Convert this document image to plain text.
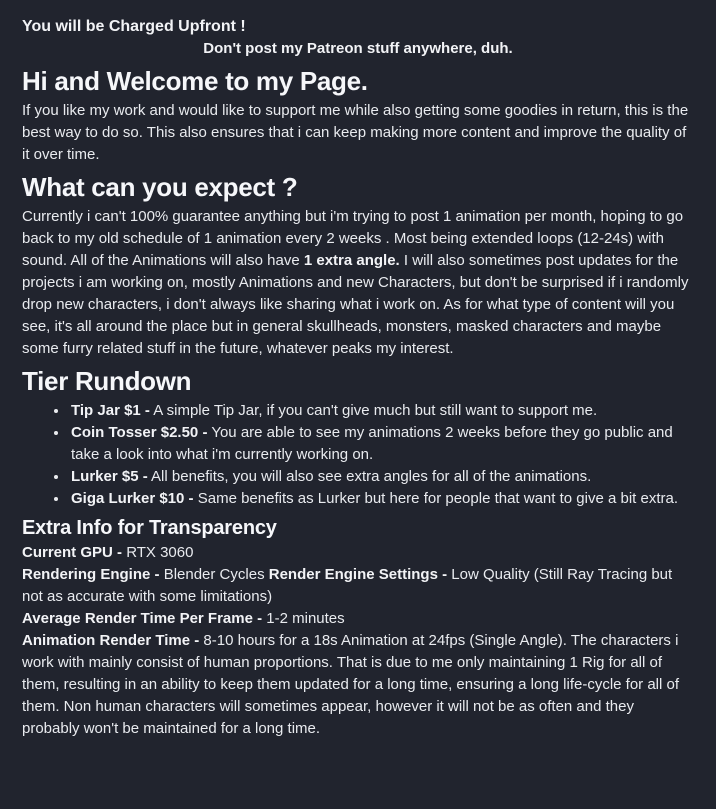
You will be Charged Upfront !

Don't post my Patreon stuff anywhere, duh.

Hi and Welcome to my Page.

If you like my work and would like to support me while also getting some goodies in return, this is the best way to do so. This also ensures that i can keep making more content and improve the quality of it over time.

What can you expect ?

Currently i can't 100% guarantee anything but i'm trying to post 1 animation per month, hoping to go back to my old schedule of 1 animation every 2 weeks . Most being extended loops (12-24s) with sound. All of the Animations will also have 1 extra angle. I will also sometimes post updates for the projects i am working on, mostly Animations and new Characters, but don't be surprised if i randomly drop new characters, i don't always like sharing what i work on. As for what type of content will you see, it's all around the place but in general skullheads, monsters, masked characters and maybe some furry related stuff in the future, whatever peaks my interest.

Tier Rundown
• Tip Jar $1 - A simple Tip Jar, if you can't give much but still want to support me.
• Coin Tosser $2.50 - You are able to see my animations 2 weeks before they go public and take a look into what i'm currently working on.
• Lurker $5 - All benefits, you will also see extra angles for all of the animations.
• Giga Lurker $10 - Same benefits as Lurker but here for people that want to give a bit extra.
Extra Info for Transparency

Current GPU - RTX 3060

Rendering Engine - Blender Cycles Render Engine Settings - Low Quality (Still Ray Tracing but not as accurate with some limitations)

Average Render Time Per Frame - 1-2 minutes

Animation Render Time - 8-10 hours for a 18s Animation at 24fps (Single Angle). The characters i work with mainly consist of human proportions. That is due to me only maintaining 1 Rig for all of them, resulting in an ability to keep them updated for a long time, ensuring a long life-cycle for all of them. Non human characters will sometimes appear, however it will not be as often and they probably won't be maintained for a long time.
